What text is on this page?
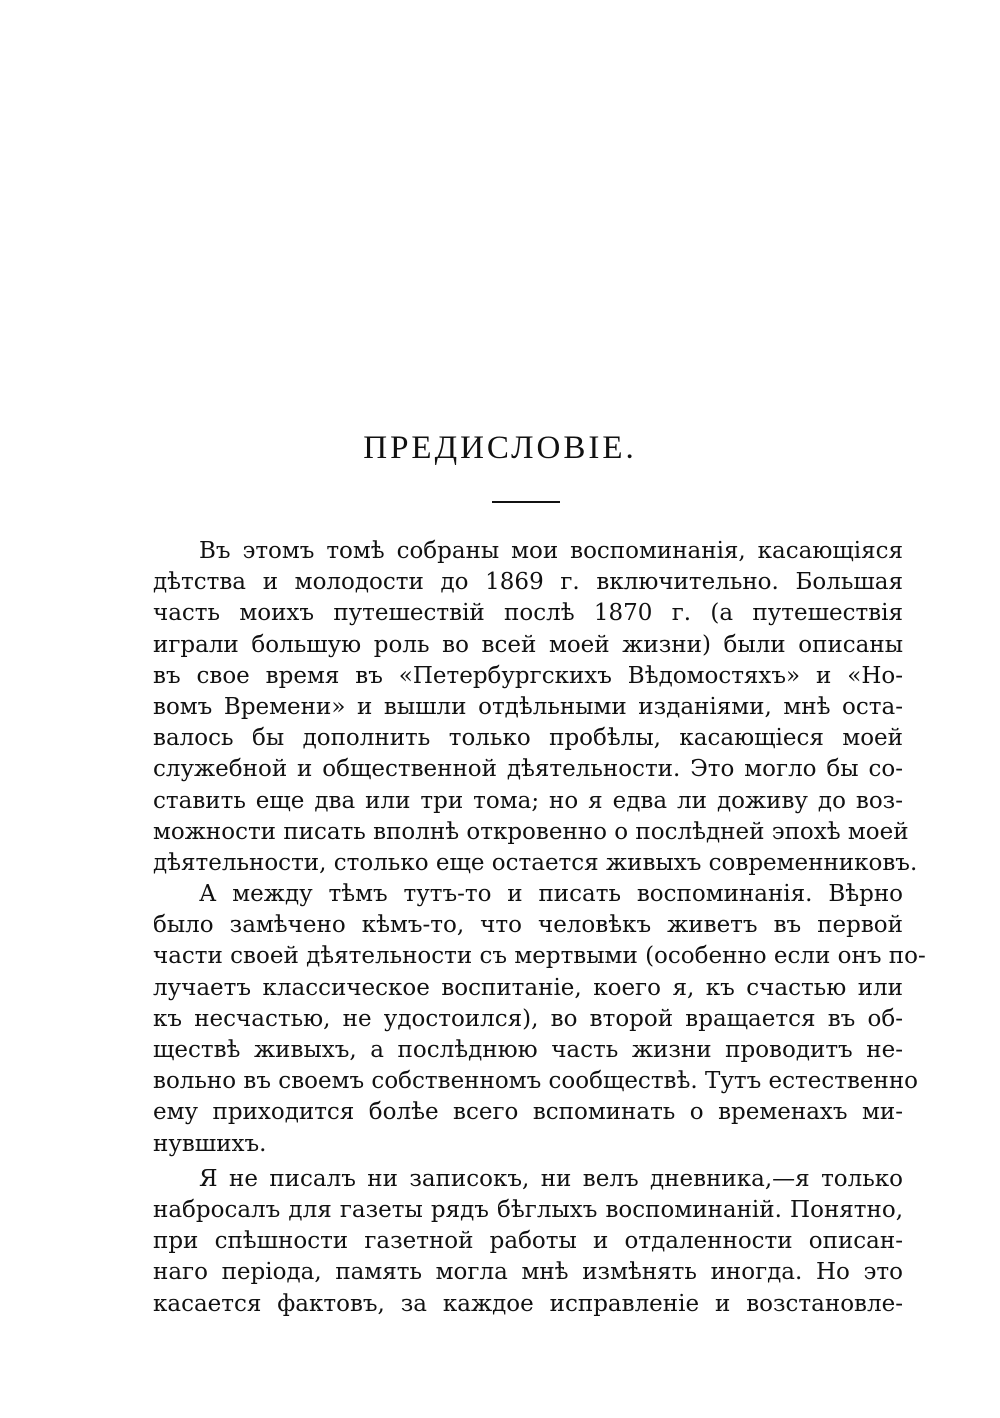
ПРЕДИСЛОВІЕ.
Въ этомъ томѣ собраны мои воспоминанія, касающіяся
дѣтства и молодости до 1869 г. включительно. Большая
часть моихъ путешествій послѣ 1870 г. (а путешествія
играли большую роль во всей моей жизни) были описаны
въ свое время въ «Петербургскихъ Вѣдомостяхъ» и «Но-
вомъ Времени» и вышли отдѣльными изданіями, мнѣ оста-
валось бы дополнить только пробѣлы, касающіеся моей
служебной и общественной дѣятельности. Это могло бы со-
ставить еще два или три тома; но я едва ли доживу до воз-
можности писать вполнѣ откровенно о послѣдней эпохѣ моей
дѣятельности, столько еще остается живыхъ современниковъ.
А между тѣмъ тутъ-то и писать воспоминанія. Вѣрно
было замѣчено кѣмъ-то, что человѣкъ живетъ въ первой
части своей дѣятельности съ мертвыми (особенно если онъ по-
лучаетъ классическое воспитаніе, коего я, къ счастью или
къ несчастью, не удостоился), во второй вращается въ об-
ществѣ живыхъ, а послѣднюю часть жизни проводитъ не-
вольно въ своемъ собственномъ сообществѣ. Тутъ естественно
ему приходится болѣе всего вспоминать о временахъ ми-
нувшихъ.
Я не писалъ ни записокъ, ни велъ дневника,—я только
набросалъ для газеты рядъ бѣглыхъ воспоминаній. Понятно,
при спѣшности газетной работы и отдаленности описан-
наго періода, память могла мнѣ измѣнять иногда. Но это
касается фактовъ, за каждое исправленіе и возстановле-
